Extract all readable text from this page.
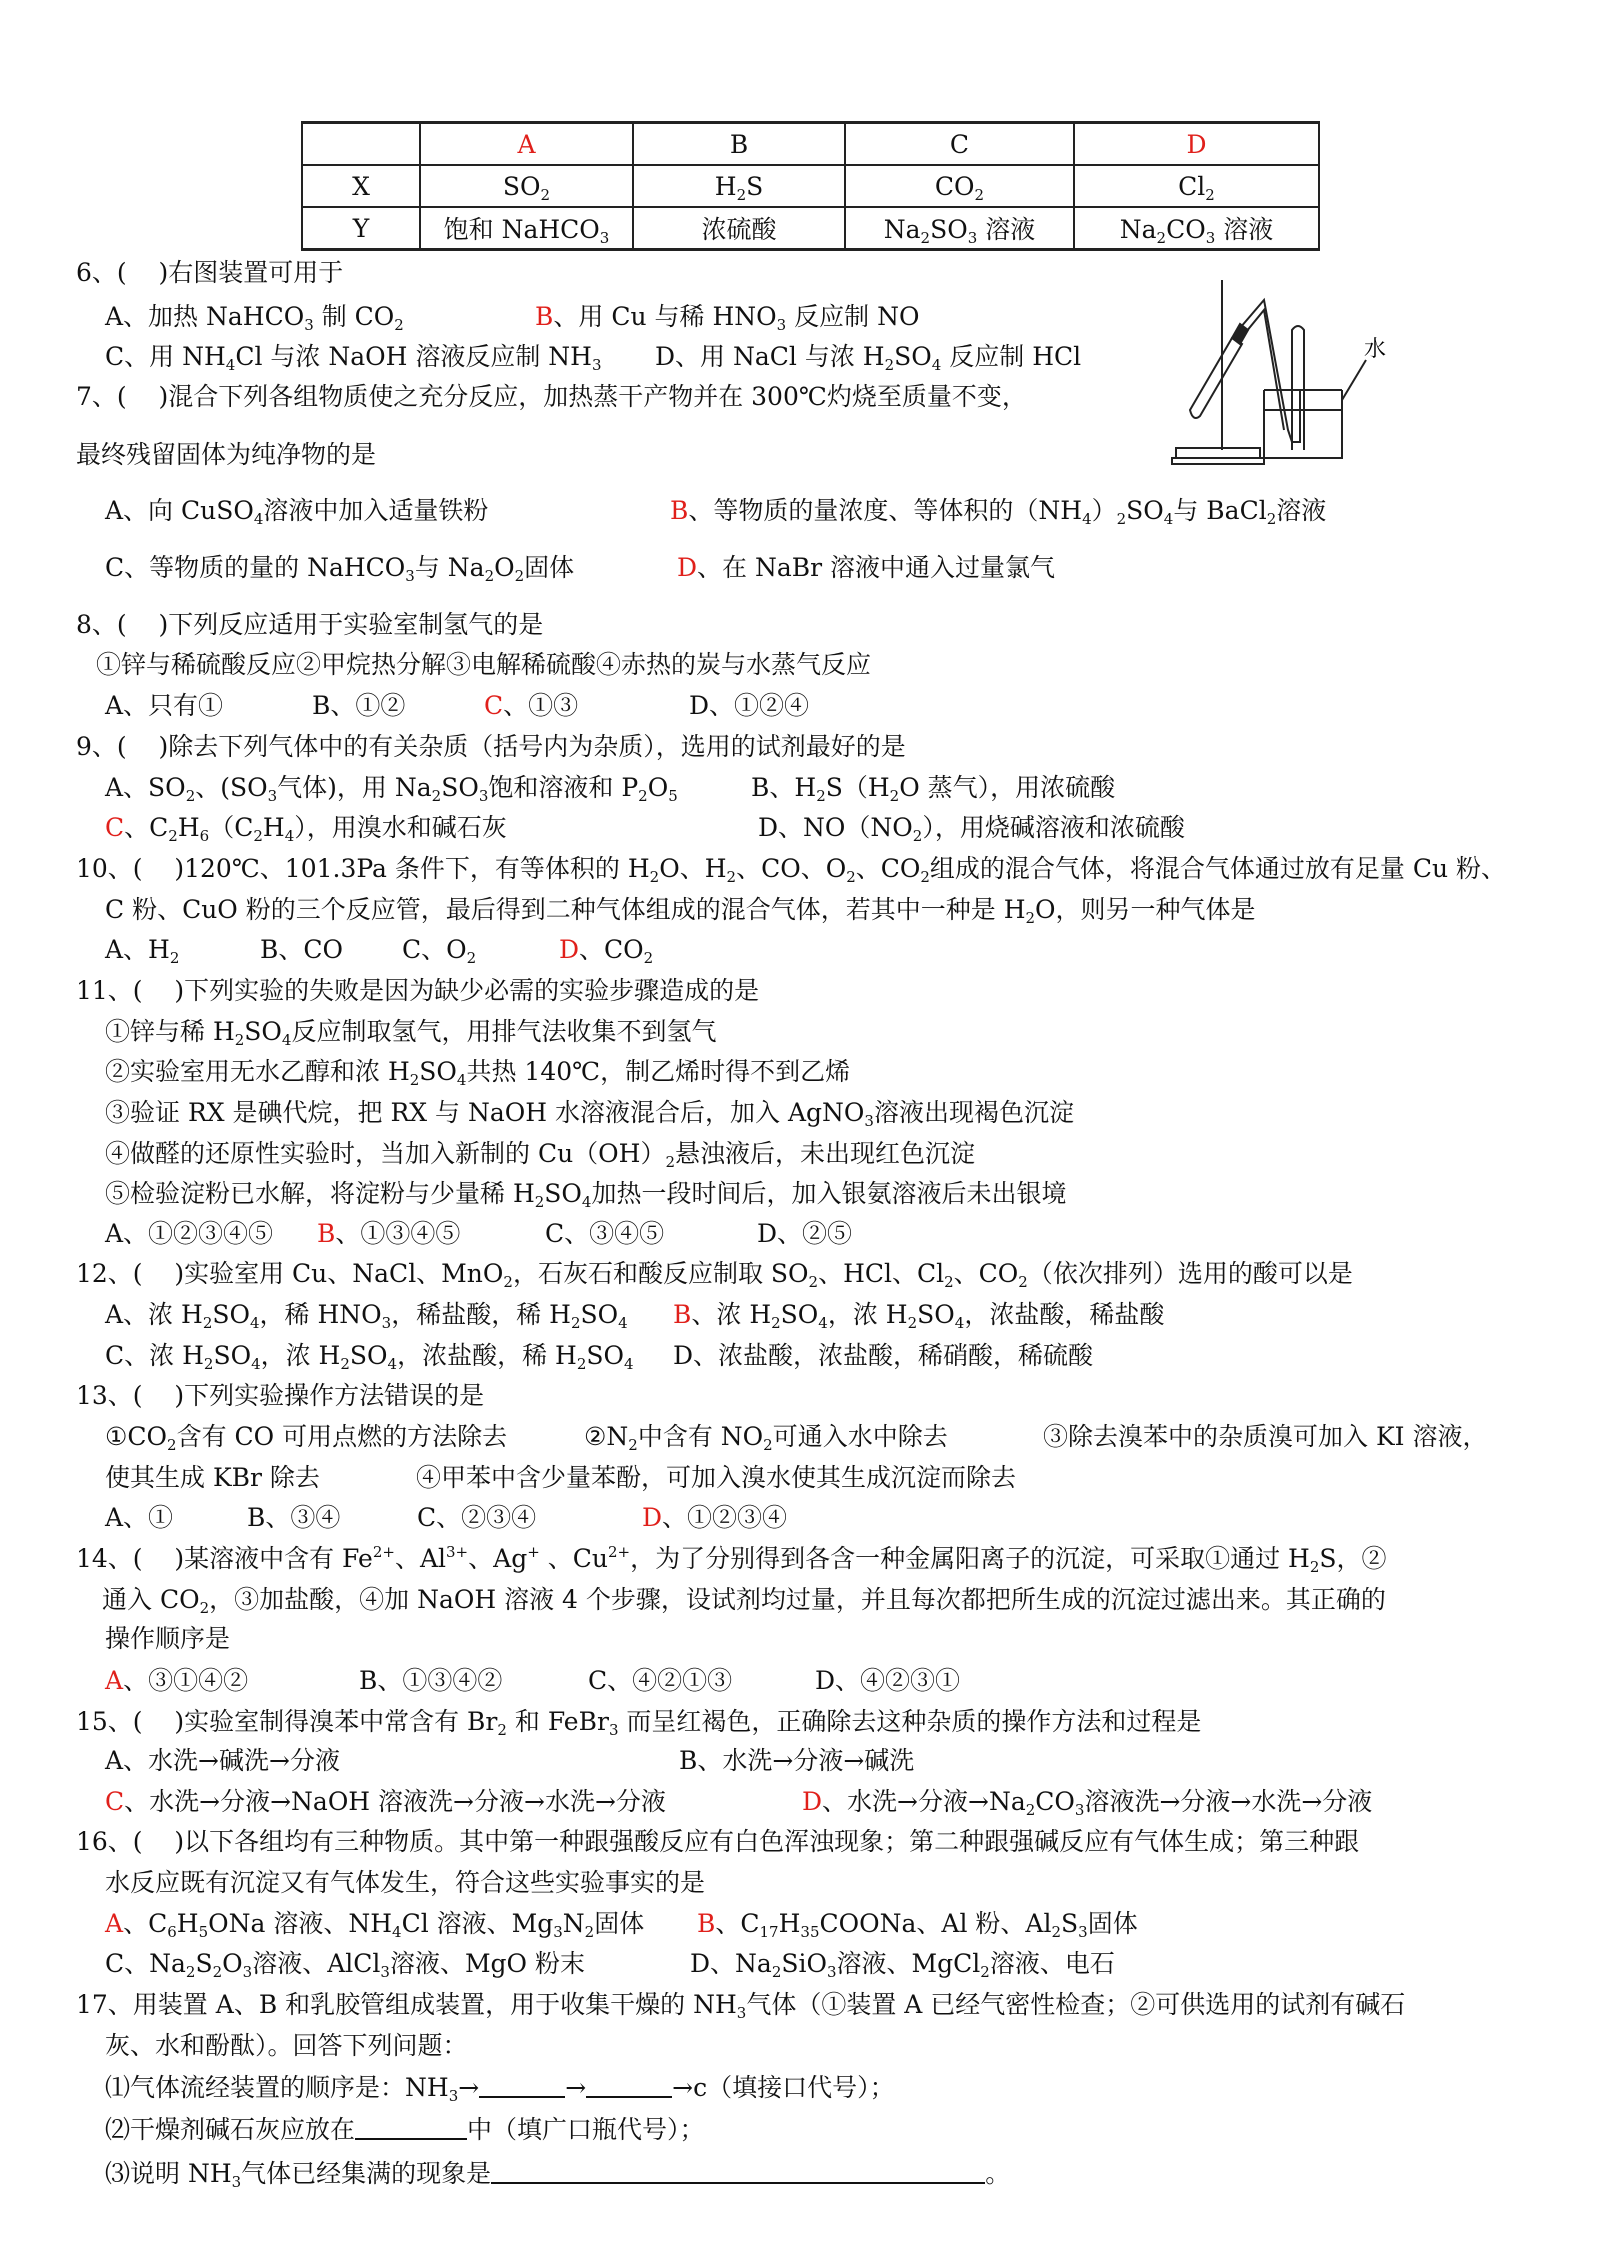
	A	B	C	D
X	$SO_2$	$H_2S$	$CO_2$	$Cl_2$
Y	饱和 NaHCO$_3$	浓硫酸	$Na_2SO_3$ 溶液	$Na_2CO_3$ 溶液
水
6、(    )右图装置可用于
A、加热 NaHCO$_3$ 制 $CO_2$	B、用 Cu 与稀 $HNO_3$ 反应制 NO
C、用 $NH_4Cl$ 与浓 NaOH 溶液反应制 $NH_3$ D、用 NaCl 与浓 $H_2SO_4$ 反应制 HCl
7、(    )混合下列各组物质使之充分反应，加热蒸干产物并在 300℃灼烧至质量不变，
最终残留固体为纯净物的是
A、向 CuSO$_4$溶液中加入适量铁粉	B、等物质的量浓度、等体积的$(NH_4)_2SO_4$与 BaCl$_2$溶液
C、等物质的量的 NaHCO$_3$与 $Na_2O_2$固体	D、在 NaBr 溶液中通入过量氯气
8、(    )下列反应适用于实验室制氢气的是
①锌与稀硫酸反应②甲烷热分解③电解稀硫酸④赤热的炭与水蒸气反应
A、只有①	B、①②	C、①③	D、①②④
9、(    )除去下列气体中的有关杂质（括号内为杂质），选用的试剂最好的是
A、$SO_2$、($SO_3$气体)，用 $Na_2SO_3$饱和溶液和 $P_2O_5$	B、$H_2S(H_2O$ 蒸气），用浓硫酸
C、$C_2H_6(C_2H_4)$，用溴水和碱石灰	D、$NO(NO_2)$，用烧碱溶液和浓硫酸
10、(    )120℃、101.3Pa 条件下，有等体积的 $H_2O$、$H_2$、CO、$O_2$、$CO_2$组成的混合气体，将混合气体通过放有足量 Cu 粉、
C 粉、CuO 粉的三个反应管，最后得到二种气体组成的混合气体，若其中一种是 $H_2O$，则另一种气体是
A、$H_2$	B、CO C、$O_2$	D、$CO_2$
11、(    )下列实验的失败是因为缺少必需的实验步骤造成的是
①锌与稀 $H_2SO_4$反应制取氢气，用排气法收集不到氢气
②实验室用无水乙醇和浓 $H_2SO_4$共热 140℃，制乙烯时得不到乙烯
③验证 RX 是碘代烷，把 RX 与 NaOH 水溶液混合后，加入 AgNO$_3$溶液出现褐色沉淀
④做醛的还原性实验时，当加入新制的 $Cu(OH)_2$悬浊液后，未出现红色沉淀
⑤检验淀粉已水解，将淀粉与少量稀 $H_2SO_4$加热一段时间后，加入银氨溶液后未出银境
A、①②③④⑤ B、①③④⑤	C、③④⑤	D、②⑤
12、(    )实验室用 Cu、NaCl、MnO$_2$，石灰石和酸反应制取 $SO_2$、HCl、$Cl_2$、$CO_2$（依次排列）选用的酸可以是
A、浓 $H_2SO_4$，稀 $HNO_3$，稀盐酸，稀 $H_2SO_4$ B、浓 $H_2SO_4$，浓 $H_2SO_4$，浓盐酸，稀盐酸
C、浓 $H_2SO_4$，浓 $H_2SO_4$，浓盐酸，稀 $H_2SO_4$ D、浓盐酸，浓盐酸，稀硝酸，稀硫酸
13、(    )下列实验操作方法错误的是
$①CO_2$含有 CO 可用点燃的方法除去	$②N_2$中含有 $NO_2$可通入水中除去	③除去溴苯中的杂质溴可加入 KI 溶液，
使其生成 KBr 除去	④甲苯中含少量苯酚，可加入溴水使其生成沉淀而除去
A、①	B、③④	C、②③④	D、①②③④
14、(    )某溶液中含有 $Fe^{2+}$、$Al^{3+}$、Ag+ 、$Cu^{2+}$，为了分别得到各含一种金属阳离子的沉淀，可采取①通过 $H_2S$，②
通入 $CO_2$，③加盐酸，④加 NaOH 溶液 4 个步骤，设试剂均过量，并且每次都把所生成的沉淀过滤出来。其正确的
操作顺序是
A、③①④②	B、①③④②	C、④②①③	D、④②③①
15、(    )实验室制得溴苯中常含有 $Br_2$ 和 FeBr$_3$ 而呈红褐色，正确除去这种杂质的操作方法和过程是
A、水洗→碱洗→分液	B、水洗→分液→碱洗
C、水洗→分液→NaOH 溶液洗→分液→水洗→分液	D、水洗→分液$\to Na_2CO_3$溶液洗→分液→水洗→分液
16、(    )以下各组均有三种物质。其中第一种跟强酸反应有白色浑浊现象；第二种跟强碱反应有气体生成；第三种跟
水反应既有沉淀又有气体发生，符合这些实验事实的是
A、$C_6H_5ONa$ 溶液、$NH_4Cl$ 溶液、$Mg_3N_2$固体 B、$C_{17}H_{35}COONa$、Al 粉、$Al_2S_3$固体
C、$Na_2S_2O_3$溶液、AlCl$_3$溶液、MgO 粉末	D、$Na_2SiO_3$溶液、MgCl$_2$溶液、电石
17、用装置 A、B 和乳胶管组成装置，用于收集干燥的 $NH_3$气体（①装置 A 已经气密性检查；②可供选用的试剂有碱石
灰、水和酚酞）。回答下列问题：
⑴气体流经装置的顺序是：$NH_3\to$	→	→c（填接口代号）；
⑵干燥剂碱石灰应放在	中（填广口瓶代号）；
⑶说明 $NH_3$气体已经集满的现象是	。
